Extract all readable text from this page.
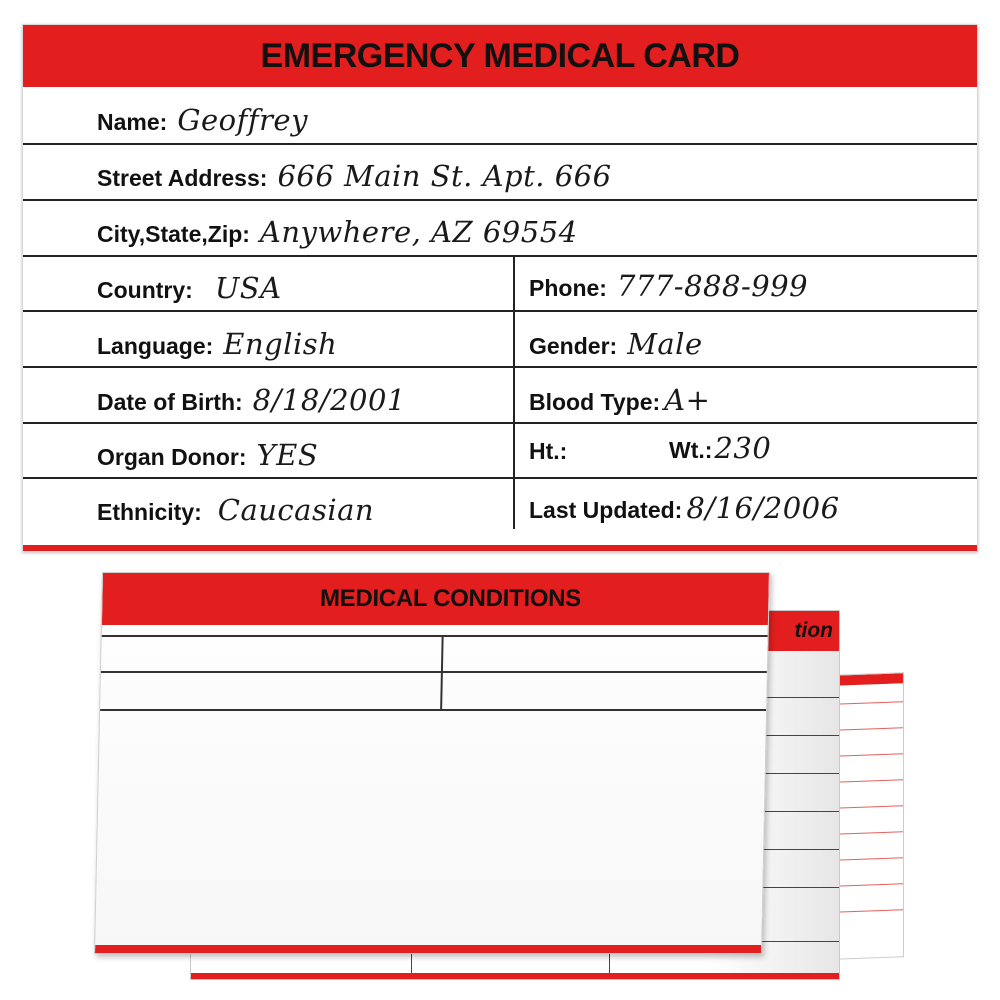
tion
MEDICAL CONDITIONS
EMERGENCY MEDICAL CARD
Name: Geoffrey
Street Address: 666 Main St. Apt. 666
City,State,Zip: Anywhere, AZ 69554
Country: USA
Language: English
Date of Birth: 8/18/2001
Organ Donor: YES
Ethnicity: Caucasian
Phone: 777-888-999
Gender: Male
Blood Type: A+
Ht.:	Wt.: 230
Last Updated: 8/16/2006
